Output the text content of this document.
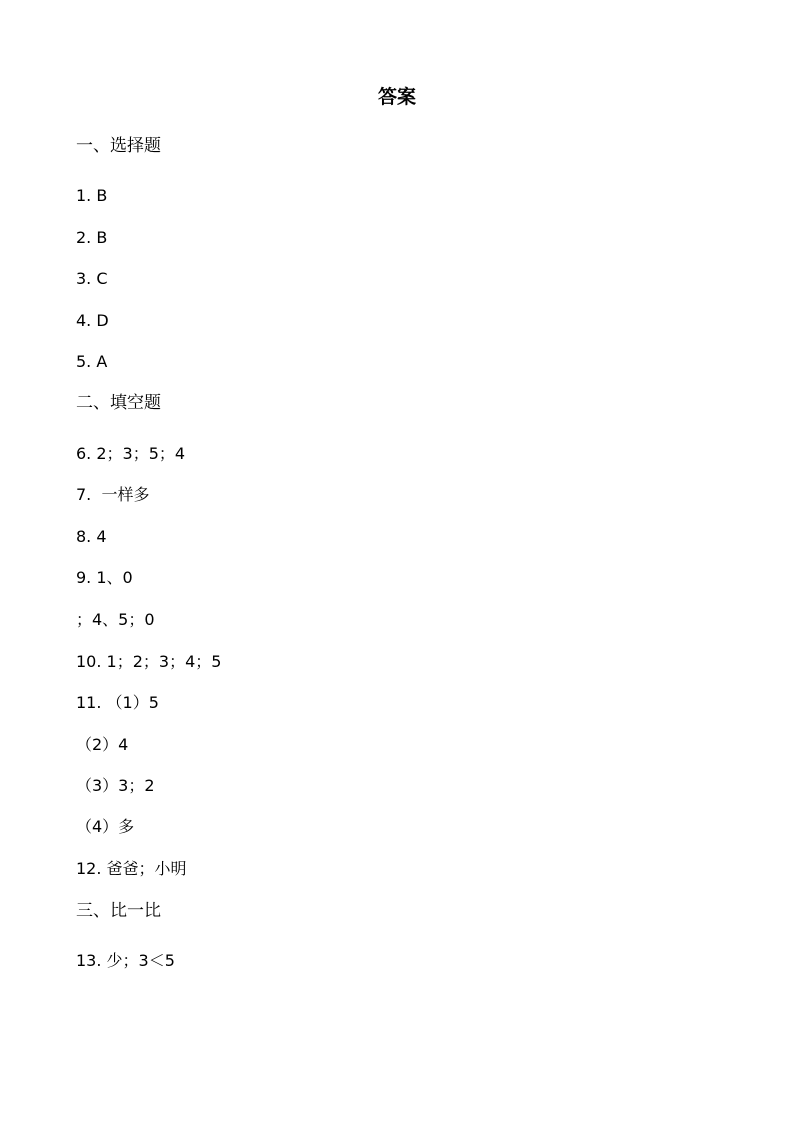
答案
一、选择题
1. B
2. B
3. C
4. D
5. A
二、填空题
6. 2；3；5；4
7.  一样多
8. 4
9. 1、0
；4、5；0
10. 1；2；3；4；5
11. （1）5
（2）4
（3）3；2
（4）多
12. 爸爸；小明
三、比一比
13. 少；3＜5
